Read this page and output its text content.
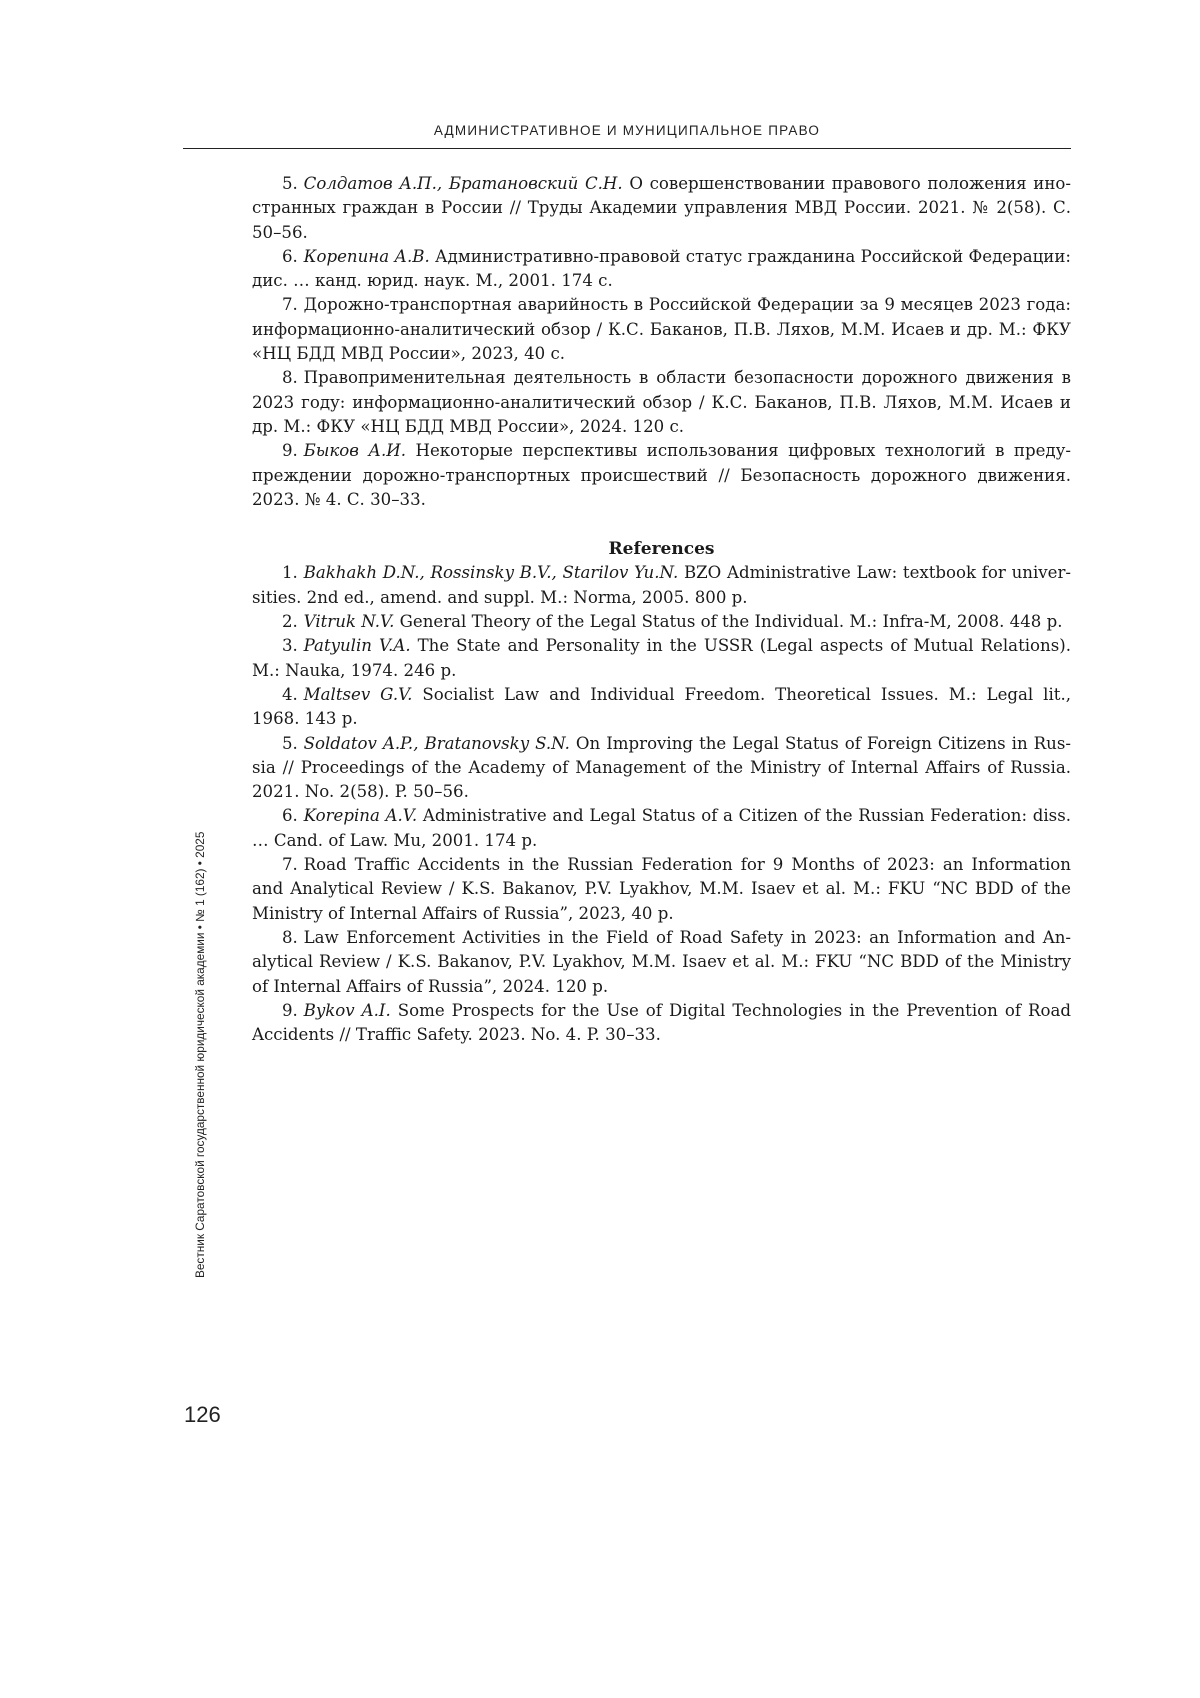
АДМИНИСТРАТИВНОЕ И МУНИЦИПАЛЬНОЕ ПРАВО

5. Солдатов А.П., Братановский С.Н. О совершенствовании правового положения ино­странных граждан в России // Труды Академии управления МВД России. 2021. № 2(58). С. 50–56.

6. Корепина А.В. Административно-правовой статус гражданина Российской Феде­рации: дис. … канд. юрид. наук. М., 2001. 174 с.

7. Дорожно-транспортная аварийность в Российской Федерации за 9 месяцев 2023 года: информационно-аналитический обзор / К.С. Баканов, П.В. Ляхов, М.М. Исаев и др. М.: ФКУ «НЦ БДД МВД России», 2023, 40 с.

8. Правоприменительная деятельность в области безопасности дорожного движения в 2023 году: информационно-аналитический обзор / К.С. Баканов, П.В. Ляхов, М.М. Иса­ев и др. М.: ФКУ «НЦ БДД МВД России», 2024. 120 с.

9. Быков А.И. Некоторые перспективы использования цифровых технологий в преду­преждении дорожно-транспортных происшествий // Безопасность дорожного движения. 2023. № 4. С. 30–33.

References

1. Bakhakh D.N., Rossinsky B.V., Starilov Yu.N. BZO Administrative Law: textbook for univer­sities. 2nd ed., amend. and suppl. M.: Norma, 2005. 800 p.

2. Vitruk N.V. General Theory of the Legal Status of the Individual. M.: Infra-M, 2008. 448 p.

3. Patyulin V.A. The State and Personality in the USSR (Legal aspects of Mutual Relations). M.: Nauka, 1974. 246 p.

4. Maltsev G.V. Socialist Law and Individual Freedom. Theoretical Issues. M.: Legal lit., 1968. 143 p.

5. Soldatov A.P., Bratanovsky S.N. On Improving the Legal Status of Foreign Citizens in Rus­sia // Proceedings of the Academy of Management of the Ministry of Internal Affairs of Russia. 2021. No. 2(58). P. 50–56.

6. Korepina A.V. Administrative and Legal Status of a Citizen of the Russian Federation: diss. … Cand. of Law. Mu, 2001. 174 p.

7. Road Traffic Accidents in the Russian Federation for 9 Months of 2023: an Information and Analytical Review / K.S. Bakanov, P.V. Lyakhov, M.M. Isaev et al. M.: FKU “NC BDD of the Min­istry of Internal Affairs of Russia”, 2023, 40 p.

8. Law Enforcement Activities in the Field of Road Safety in 2023: an Information and An­alytical Review / K.S. Bakanov, P.V. Lyakhov, M.M. Isaev et al. M.: FKU “NC BDD of the Ministry of Internal Affairs of Russia”, 2024. 120 p.

9. Bykov A.I. Some Prospects for the Use of Digital Technologies in the Prevention of Road Accidents // Traffic Safety. 2023. No. 4. P. 30–33.

Вестник Саратовской государственной юридической академии • № 1 (162) • 2025
126
